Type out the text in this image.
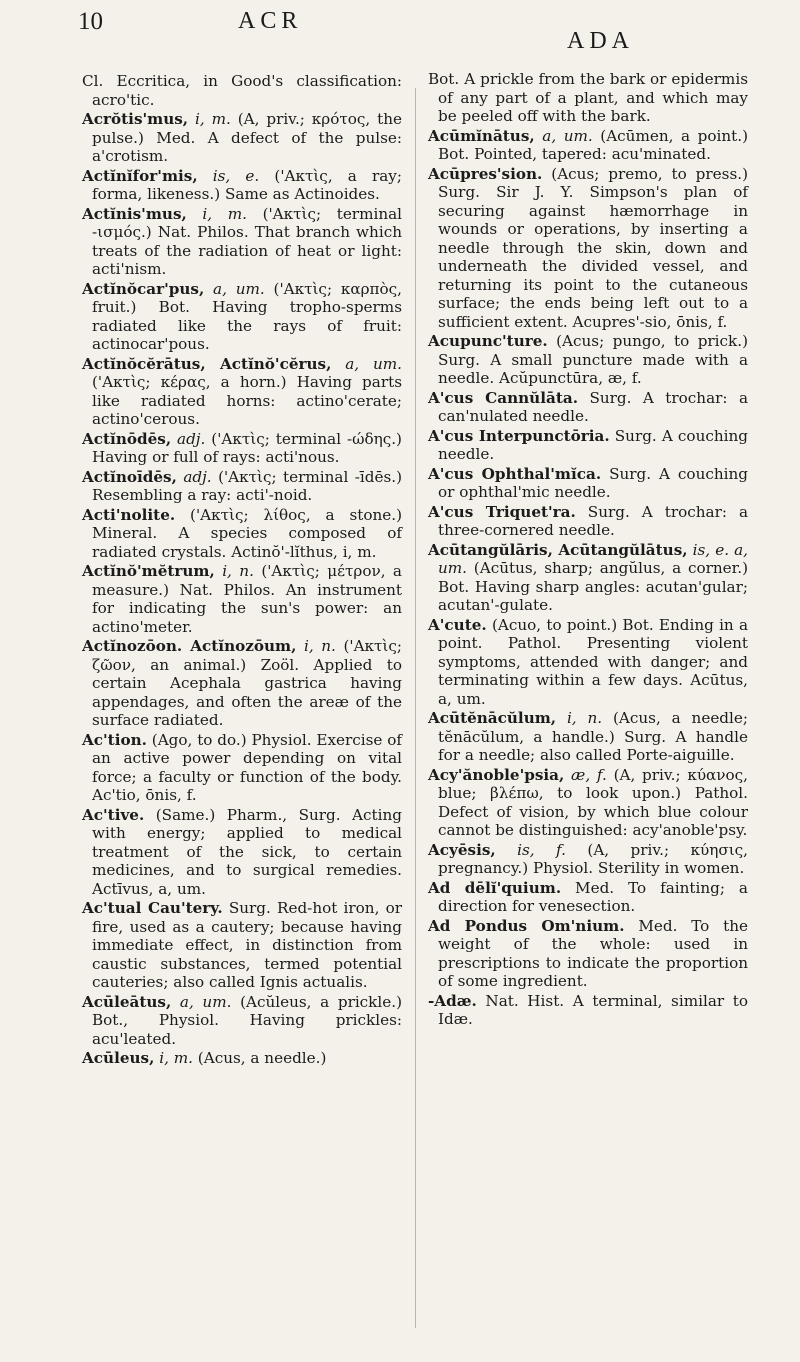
10	ACR
ADA

Cl. Eccritica, in Good's classification: acro'tic.

Acrŏtis'mus, i, m. (A, priv.; κρότος, the pulse.) Med. A defect of the pulse: a'crotism.

Actĭnĭfor'mis, is, e. ('Ακτὶς, a ray; forma, likeness.) Same as Actinoides.

Actĭnis'mus, i, m. ('Ακτὶς; terminal -ισμός.) Nat. Philos. That branch which treats of the radiation of heat or light: acti'nism.

Actĭnŏcar'pus, a, um. ('Ακτὶς; καρπὸς, fruit.) Bot. Having tropho-sperms radiated like the rays of fruit: actinocar'pous.

Actĭnŏcĕrātus, Actĭnŏ'cĕrus, a, um. ('Ακτὶς; κέρας, a horn.) Having parts like radiated horns: actino'cerate; actino'cerous.

Actĭnōdēs, adj. ('Ακτὶς; terminal -ώδης.) Having or full of rays: acti'nous.

Actĭnoīdēs, adj. ('Ακτὶς; terminal -īdēs.) Resembling a ray: acti'-noid.

Acti'nolite. ('Ακτὶς; λίθος, a stone.) Mineral. A species composed of radiated crystals. Actinŏ'-lĭthus, i, m.

Actĭnŏ'mĕtrum, i, n. ('Ακτὶς; μέτρον, a measure.) Nat. Philos. An instrument for indicating the sun's power: an actino'meter.

Actĭnozōon. Actĭnozōum, i, n. ('Ακτὶς; ζῶον, an animal.) Zoöl. Applied to certain Acephala gastrica having appendages, and often the areæ of the surface radiated.

Ac'tion. (Ago, to do.) Physiol. Exercise of an active power depending on vital force; a faculty or function of the body. Ac'tio, ōnis, f.

Ac'tive. (Same.) Pharm., Surg. Acting with energy; applied to medical treatment of the sick, to certain medicines, and to surgical remedies. Actīvus, a, um.

Ac'tual Cau'tery. Surg. Red-hot iron, or fire, used as a cautery; because having immediate effect, in distinction from caustic substances, termed potential cauteries; also called Ignis actualis.

Acūleātus, a, um. (Acŭleus, a prickle.) Bot., Physiol. Having prickles: acu'leated.

Acūleus, i, m. (Acus, a needle.)

Bot. A prickle from the bark or epidermis of any part of a plant, and which may be peeled off with the bark.

Acūmĭnātus, a, um. (Acūmen, a point.) Bot. Pointed, tapered: acu'minated.

Acūpres'sion. (Acus; premo, to press.) Surg. Sir J. Y. Simpson's plan of securing against hæmorrhage in wounds or operations, by inserting a needle through the skin, down and underneath the divided vessel, and returning its point to the cutaneous surface; the ends being left out to a sufficient extent. Acupres'-sio, ōnis, f.

Acupunc'ture. (Acus; pungo, to prick.) Surg. A small puncture made with a needle. Acŭpunctūra, æ, f.

A'cus Cannŭlāta. Surg. A trochar: a can'nulated needle.

A'cus Interpunctōria. Surg. A couching needle.

A'cus Ophthal'mĭca. Surg. A couching or ophthal'mic needle.

A'cus Triquet'ra. Surg. A trochar: a three-cornered needle.

Acūtangŭlāris, Acūtangŭlātus, is, e. a, um. (Acūtus, sharp; angŭlus, a corner.) Bot. Having sharp angles: acutan'gular; acutan'-gulate.

A'cute. (Acuo, to point.) Bot. Ending in a point. Pathol. Presenting violent symptoms, attended with danger; and terminating within a few days. Acūtus, a, um.

Acūtĕnācŭlum, i, n. (Acus, a needle; tĕnācŭlum, a handle.) Surg. A handle for a needle; also called Porte-aiguille.

Acy'ănoble'psia, æ, f. (A, priv.; κύανος, blue; βλέπω, to look upon.) Pathol. Defect of vision, by which blue colour cannot be distinguished: acy'anoble'psy.

Acyēsis, is, f. (A, priv.; κύησις, pregnancy.) Physiol. Sterility in women.

Ad dēlĭ'quium. Med. To fainting; a direction for venesection.

Ad Pondus Om'nium. Med. To the weight of the whole: used in prescriptions to indicate the proportion of some ingredient.

-Adæ. Nat. Hist. A terminal, similar to Idæ.
